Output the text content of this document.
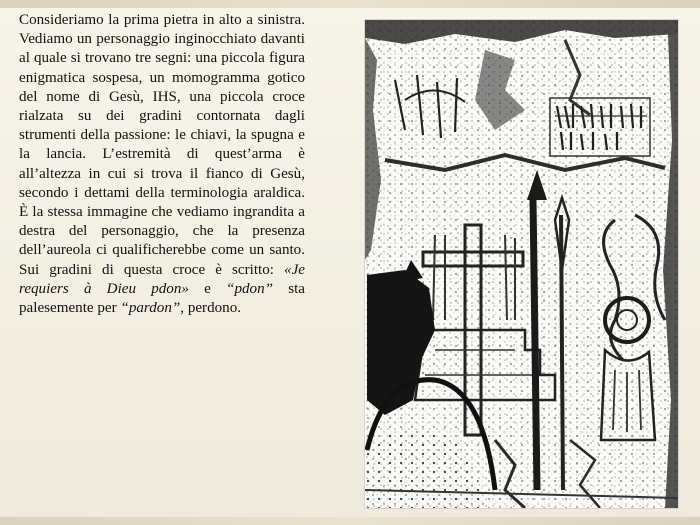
Consideriamo la prima pietra in alto a sinistra. Vediamo un personaggio inginocchiato davanti al quale si trovano tre segni: una piccola figura enigmatica sospesa, un momogramma gotico del nome di Gesù, IHS, una piccola croce rialzata su dei gradini contornata dagli strumenti della passione: le chiavi, la spugna e la lancia. L’estremità di quest’arma è all’altezza in cui si trova il fianco di Gesù, secondo i dettami della terminologia araldica. È la stessa immagine che vediamo ingrandita a destra del personaggio, che la presenza dell’aureola ci qualificherebbe come un santo. Sui gradini di questa croce è scritto: «Je requiers à Dieu pdon» e “pdon” sta palesemente per “pardon”, perdono.
